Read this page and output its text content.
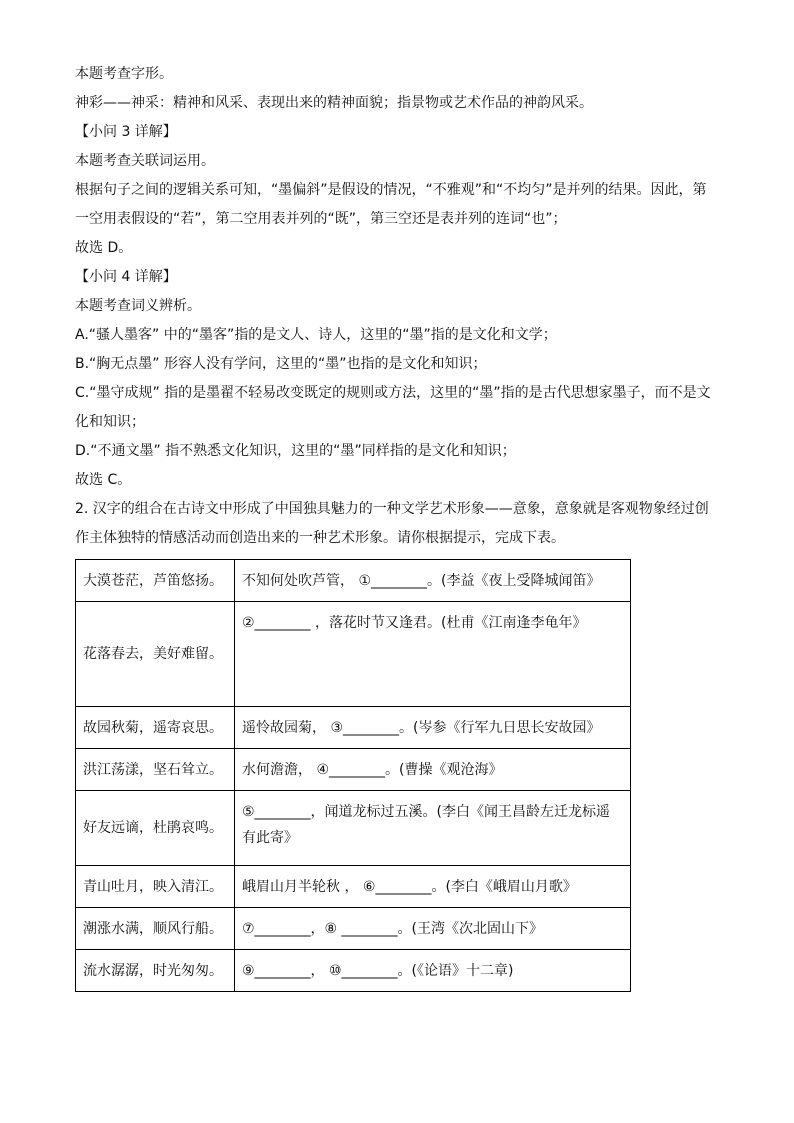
本题考查字形。
神彩——神采：精神和风采、表现出来的精神面貌；指景物或艺术作品的神韵风采。
【小问 3 详解】
本题考查关联词运用。
根据句子之间的逻辑关系可知，“墨偏斜”是假设的情况，“不雅观”和“不均匀”是并列的结果。因此，第一空用表假设的“若”，第二空用表并列的“既”，第三空还是表并列的连词“也”；
故选 D。
【小问 4 详解】
本题考查词义辨析。
A.“骚人墨客” 中的“墨客”指的是文人、诗人，这里的“墨”指的是文化和文学；
B.“胸无点墨” 形容人没有学问，这里的“墨”也指的是文化和知识；
C.“墨守成规” 指的是墨翟不轻易改变既定的规则或方法，这里的“墨”指的是古代思想家墨子，而不是文化和知识；
D.“不通文墨” 指不熟悉文化知识，这里的“墨”同样指的是文化和知识；
故选 C。
2. 汉字的组合在古诗文中形成了中国独具魅力的一种文学艺术形象——意象，意象就是客观物象经过创作主体独特的情感活动而创造出来的一种艺术形象。请你根据提示，完成下表。
大漠苍茫，芦笛悠扬。	不知何处吹芦管， ①________。(李益《夜上受降城闻笛》
花落春去，美好难留。	②________ ，落花时节又逢君。(杜甫《江南逢李龟年》
故园秋菊，遥寄哀思。	遥怜故园菊， ③________。(岑参《行军九日思长安故园》
洪江荡漾，坚石耸立。	水何澹澹， ④________。(曹操《观沧海》
好友远谪，杜鹃哀鸣。	⑤________，闻道龙标过五溪。(李白《闻王昌龄左迁龙标遥有此寄》
青山吐月，映入清江。	峨眉山月半轮秋 ， ⑥________。(李白《峨眉山月歌》
潮涨水满，顺风行船。	⑦________，⑧ ________。(王湾《次北固山下》
流水潺潺，时光匆匆。	⑨________， ⑩________。(《论语》十二章)
